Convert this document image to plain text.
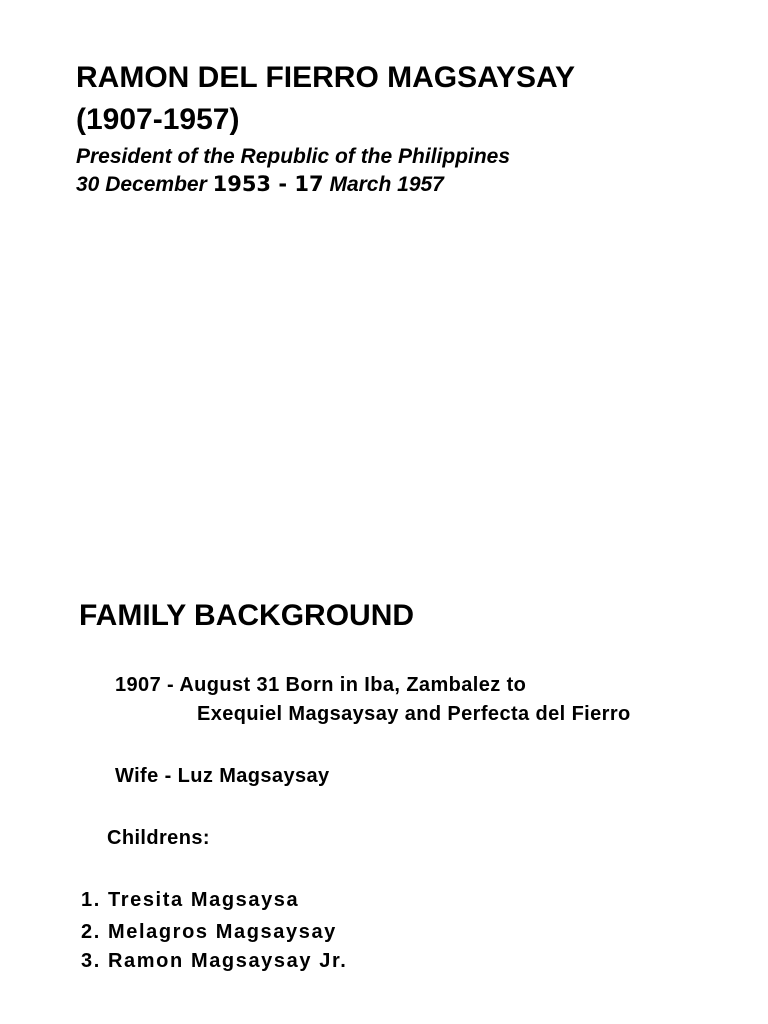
RAMON DEL FIERRO MAGSAYSAY
(1907-1957)
President of the Republic of the Philippines
30 December 1953 - 17 March 1957
FAMILY BACKGROUND
1907 - August 31 Born in Iba, Zambalez to
Exequiel Magsaysay and Perfecta del Fierro
Wife - Luz Magsaysay
Childrens:
1. Tresita Magsaysa
2. Melagros Magsaysay
3. Ramon Magsaysay Jr.
